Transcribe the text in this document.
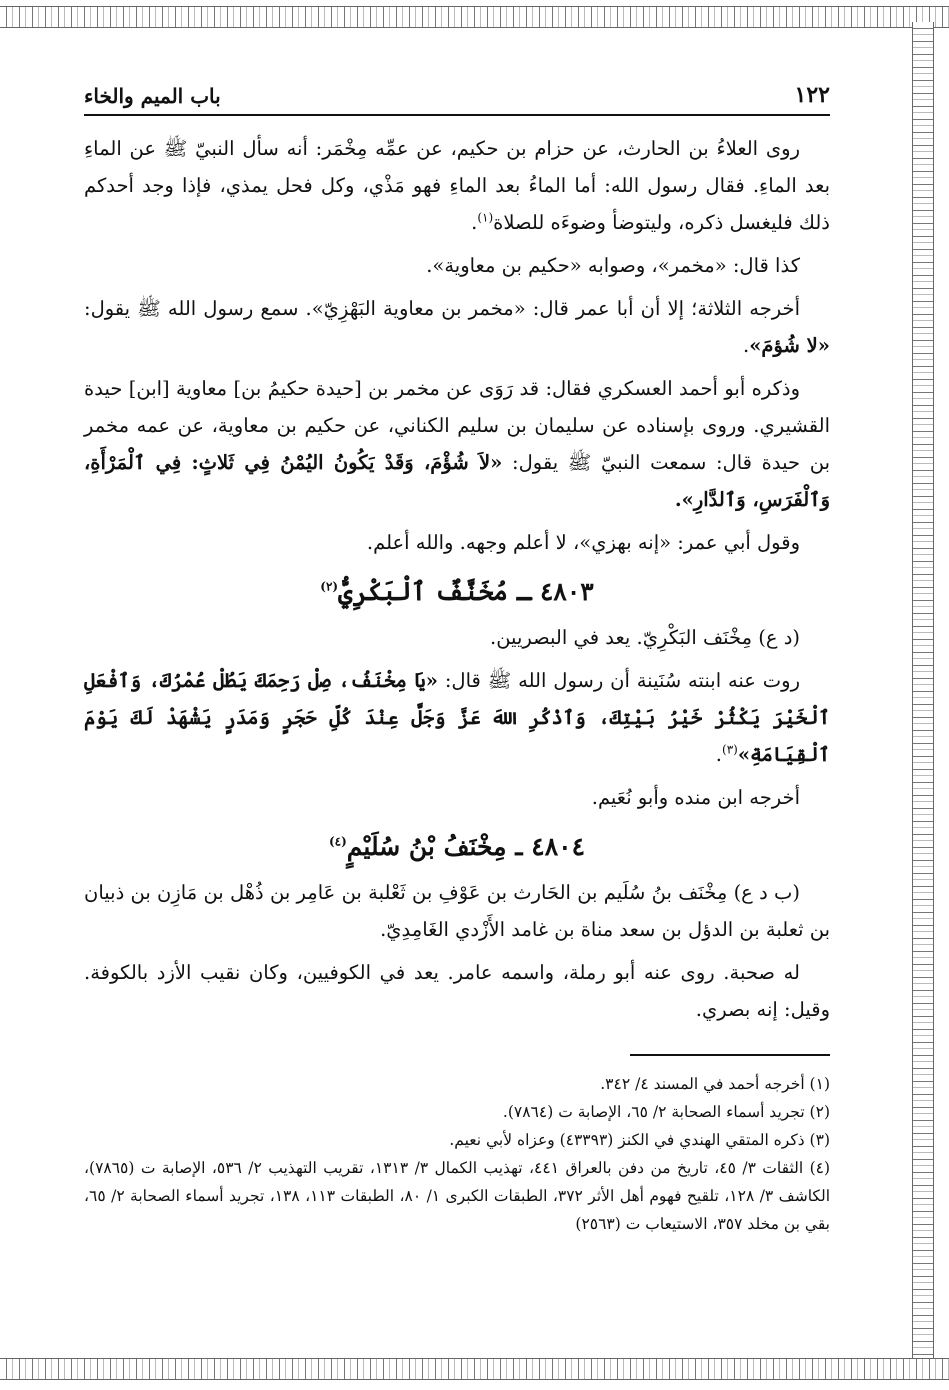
١٢٢
باب الميم والخاء

روى العلاءُ بن الحارث، عن حزام بن حكيم، عن عمِّه مِخْمَر: أنه سأل النبيّ ﷺ عن الماءِ بعد الماءِ. فقال رسول الله: أما الماءُ بعد الماءِ فهو مَذْي، وكل فحل يمذي، فإذا وجد أحدكم ذلك فليغسل ذكره، وليتوضأ وضوءَه للصلاة$^{(١)}$.

كذا قال: «مخمر»، وصوابه «حكيم بن معاوية».

أخرجه الثلاثة؛ إلا أن أبا عمر قال: «مخمر بن معاوية البَهْزِيّ». سمع رسول الله ﷺ يقول: «لا شُؤمَ».

وذكره أبو أحمد العسكري فقال: قد رَوَى عن مخمر بن [حيدة حكيمُ بن] معاوية [ابن] حيدة القشيري. وروى بإسناده عن سليمان بن سليم الكناني، عن حكيم بن معاوية، عن عمه مخمر بن حيدة قال: سمعت النبيّ ﷺ يقول: «لاَ شُؤْمَ، وَقَدْ يَكُونُ اليُمْنُ فِي ثَلاثٍ: فِي ٱلْمَرْأَةِ، وَٱلْفَرَسِ، وَٱلدَّارِ».

وقول أبي عمر: «إنه بهزي»، لا أعلم وجهه. والله أعلم.

٤٨٠٣ ـ مُخَنَّفٌ ٱلْبَكْرِيُّ$^{(٢)}$

(د ع) مِخْنَف البَكْرِيّ. يعد في البصريين.

روت عنه ابنته سُنَينة أن رسول الله ﷺ قال: «يَا مِخْنَفُ، صِلْ رَحِمَكَ يَطُلْ عُمْرُكَ، وَٱفْعَلِ ٱلْخَيْرَ يَكْثُرْ خَيْرُ بَيْتِكَ، وَٱذْكُرِ اللهَ عَزَّ وَجَلَّ عِنْدَ كُلِّ حَجَرٍ وَمَدَرٍ يَشْهَدْ لَكَ يَوْمَ ٱلْقِيَامَةِ»$^{(٣)}$.

أخرجه ابن منده وأبو نُعَيم.

٤٨٠٤ ـ مِخْنَفُ بْنُ سُلَيْمٍ$^{(٤)}$

(ب د ع) مِخْنَف بنُ سُلَيم بن الحَارث بن عَوْفِ بن ثَعْلبة بن عَامِر بن ذُهْل بن مَازِن بن ذبيان بن ثعلبة بن الدؤل بن سعد مناة بن غامد الأَزْدي الغَامِدِيّ.

له صحبة. روى عنه أبو رملة، واسمه عامر. يعد في الكوفيين، وكان نقيب الأزد بالكوفة. وقيل: إنه بصري.

(١) أخرجه أحمد في المسند ٤/ ٣٤٢.

(٢) تجريد أسماء الصحابة ٢/ ٦٥، الإصابة ت (٧٨٦٤).

(٣) ذكره المتقي الهندي في الكنز (٤٣٣٩٣) وعزاه لأبي نعيم.

(٤) الثقات ٣/ ٤٥، تاريخ من دفن بالعراق ٤٤١، تهذيب الكمال ٣/ ١٣١٣، تقريب التهذيب ٢/ ٥٣٦، الإصابة ت (٧٨٦٥)، الكاشف ٣/ ١٢٨، تلقيح فهوم أهل الأثر ٣٧٢، الطبقات الكبرى ١/ ٨٠، الطبقات ١١٣، ١٣٨، تجريد أسماء الصحابة ٢/ ٦٥، بقي بن مخلد ٣٥٧، الاستيعاب ت (٢٥٦٣)
